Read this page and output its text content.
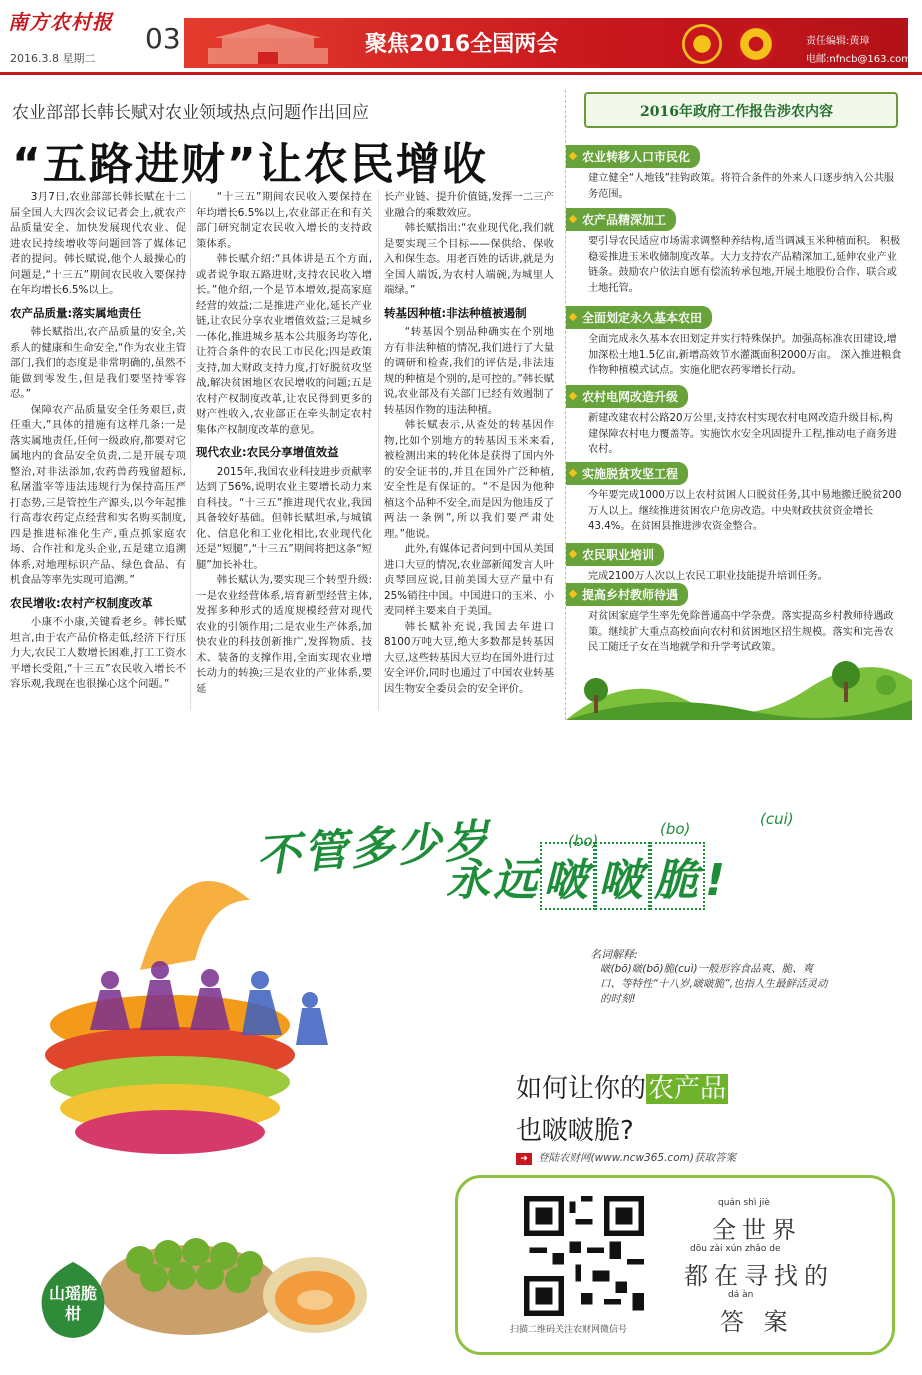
南方农村报
2016.3.8 星期二
03	聚焦2016全国两会	责任编辑:黄璋
电邮:nfncb@163.com
农业部部长韩长赋对农业领域热点问题作出回应
“五路进财”让农民增收

3月7日,农业部部长韩长赋在十二届全国人大四次会议记者会上,就农产品质量安全、加快发展现代农业、促进农民持续增收等问题回答了媒体记者的提问。韩长赋说,他个人最操心的问题是,“十三五”期间农民收入要保持在年均增长6.5%以上。

农产品质量:落实属地责任

韩长赋指出,农产品质量的安全,关系人的健康和生命安全,“作为农业主管部门,我们的态度是非常明确的,虽然不能做到零发生,但是我们要坚持零容忍。”

保障农产品质量安全任务艰巨,责任重大,”具体的措施有这样几条:一是落实属地责任,任何一级政府,都要对它属地内的食品安全负责,二是开展专项整治,对非法添加,农药兽药残留超标,私屠滥宰等违法违规行为保持高压严打态势,三是管控生产源头,以今年起推行高毒农药定点经营和实名购买制度,四是推进标准化生产,重点抓家庭农场、合作社和龙头企业,五是建立追溯体系,对地理标识产品、绿色食品、有机食品等率先实现可追溯。”

农民增收:农村产权制度改革

小康不小康,关键看老乡。韩长赋坦言,由于农产品价格走低,经济下行压力大,农民工人数增长困难,打工工资水平增长受阻,“十三五”农民收入增长不容乐观,我现在也很操心这个问题。”

“十三五”期间农民收入要保持在年均增长6.5%以上,农业部正在和有关部门研究制定农民收入增长的支持政策体系。

韩长赋介绍:“具体讲是五个方面,或者说争取五路进财,支持农民收入增长。”他介绍,一个是节本增效,提高家庭经营的效益;二是推进产业化,延长产业链,让农民分享农业增值效益;三是城乡一体化,推进城乡基本公共服务均等化,让符合条件的农民工市民化;四是政策支持,加大财政支持力度,打好脱贫攻坚战,解决贫困地区农民增收的问题;五是农村产权制度改革,让农民得到更多的财产性收入,农业部正在牵头制定农村集体产权制度改革的意见。

现代农业:农民分享增值效益

2015年,我国农业科技进步贡献率达到了56%,说明农业主要增长动力来自科技。“十三五”推进现代农业,我国具备较好基础。但韩长赋坦承,与城镇化、信息化和工业化相比,农业现代化还是“短腿”,“十三五”期间将把这条“短腿”加长补壮。

韩长赋认为,要实现三个转型升级:一是农业经营体系,培育新型经营主体,发挥多种形式的适度规模经营对现代农业的引领作用;二是农业生产体系,加快农业的科技创新推广,发挥物质、技术、装备的支撑作用,全面实现农业增长动力的转换;三是农业的产业体系,要延

长产业链、提升价值链,发挥一二三产业融合的乘数效应。

韩长赋指出:“农业现代化,我们就是要实现三个目标——保供给、保收入和保生态。用老百姓的话讲,就是为全国人端饭,为农村人端碗,为城里人端绿。”

转基因种植:非法种植被遏制

“转基因个别品种确实在个别地方有非法种植的情况,我们进行了大量的调研和检查,我们的评估是,非法违规的种植是个别的,是可控的。”韩长赋说,农业部及有关部门已经有效遏制了转基因作物的违法种植。

韩长赋表示,从查处的转基因作物,比如个别地方的转基因玉米来看,被检测出来的转化体是获得了国内外的安全证书的,并且在国外广泛种植,安全性是有保证的。“不是因为他种植这个品种不安全,而是因为他违反了两法一条例”,所以我们要严肃处理。”他说。

此外,有媒体记者问到中国从美国进口大豆的情况,农业部新闻发言人叶贞琴回应说,目前美国大豆产量中有25%销往中国。中国进口的玉米、小麦同样主要来自于美国。

韩长赋补充说,我国去年进口8100万吨大豆,绝大多数都是转基因大豆,这些转基因大豆均在国外进行过安全评价,同时也通过了中国农业转基因生物安全委员会的安全评价。

2016年政府工作报告涉农内容
农业转移人口市民化
建立健全“人地钱”挂钩政策。将符合条件的外来人口逐步纳入公共服务范围。
农产品精深加工
要引导农民适应市场需求调整种养结构,适当调减玉米种植面积。 积极稳妥推进玉米收储制度改革。大力支持农产品精深加工,延伸农业产业链条。鼓励农户依法自愿有偿流转承包地,开展土地股份合作、联合或土地托管。
全面划定永久基本农田
全面完成永久基本农田划定并实行特殊保护。加强高标准农田建设,增加深松土地1.5亿亩,新增高效节水灌溉面积2000万亩。 深入推进粮食作物种植模式试点。实施化肥农药零增长行动。
农村电网改造升级
新建改建农村公路20万公里,支持农村实现农村电网改造升级目标,构建保障农村电力覆盖等。实施饮水安全巩固提升工程,推动电子商务进农村。
实施脱贫攻坚工程
今年要完成1000万以上农村贫困人口脱贫任务,其中易地搬迁脱贫200万人以上。继续推进贫困农户危房改造。中央财政扶贫资金增长43.4%。在贫困县推进涉农资金整合。
农民职业培训
完成2100万人次以上农民工职业技能提升培训任务。
提高乡村教师待遇
对贫困家庭学生率先免除普通高中学杂费。落实提高乡村教师待遇政策。继续扩大重点高校面向农村和贫困地区招生规模。落实和完善农民工随迁子女在当地就学和升学考试政策。
不管多少岁	(bo)
(bo)
(cui)
永远啵 啵 脆!
名词解释:
啵(bō)啵(bō)脆(cuì)一般形容食品爽、脆、爽口、等特性“十八岁,啵啵脆”,也指人生最鲜活灵动的时刻!
如何让你的农产品
也啵啵脆?
➜ 登陆农财网(www.ncw365.com)获取答案
扫描二维码关注农财网微信号
quán shì jiè
全世界
dōu zài xún zhǎo de
都在寻找的
dá àn
答 案
山瑶脆柑
